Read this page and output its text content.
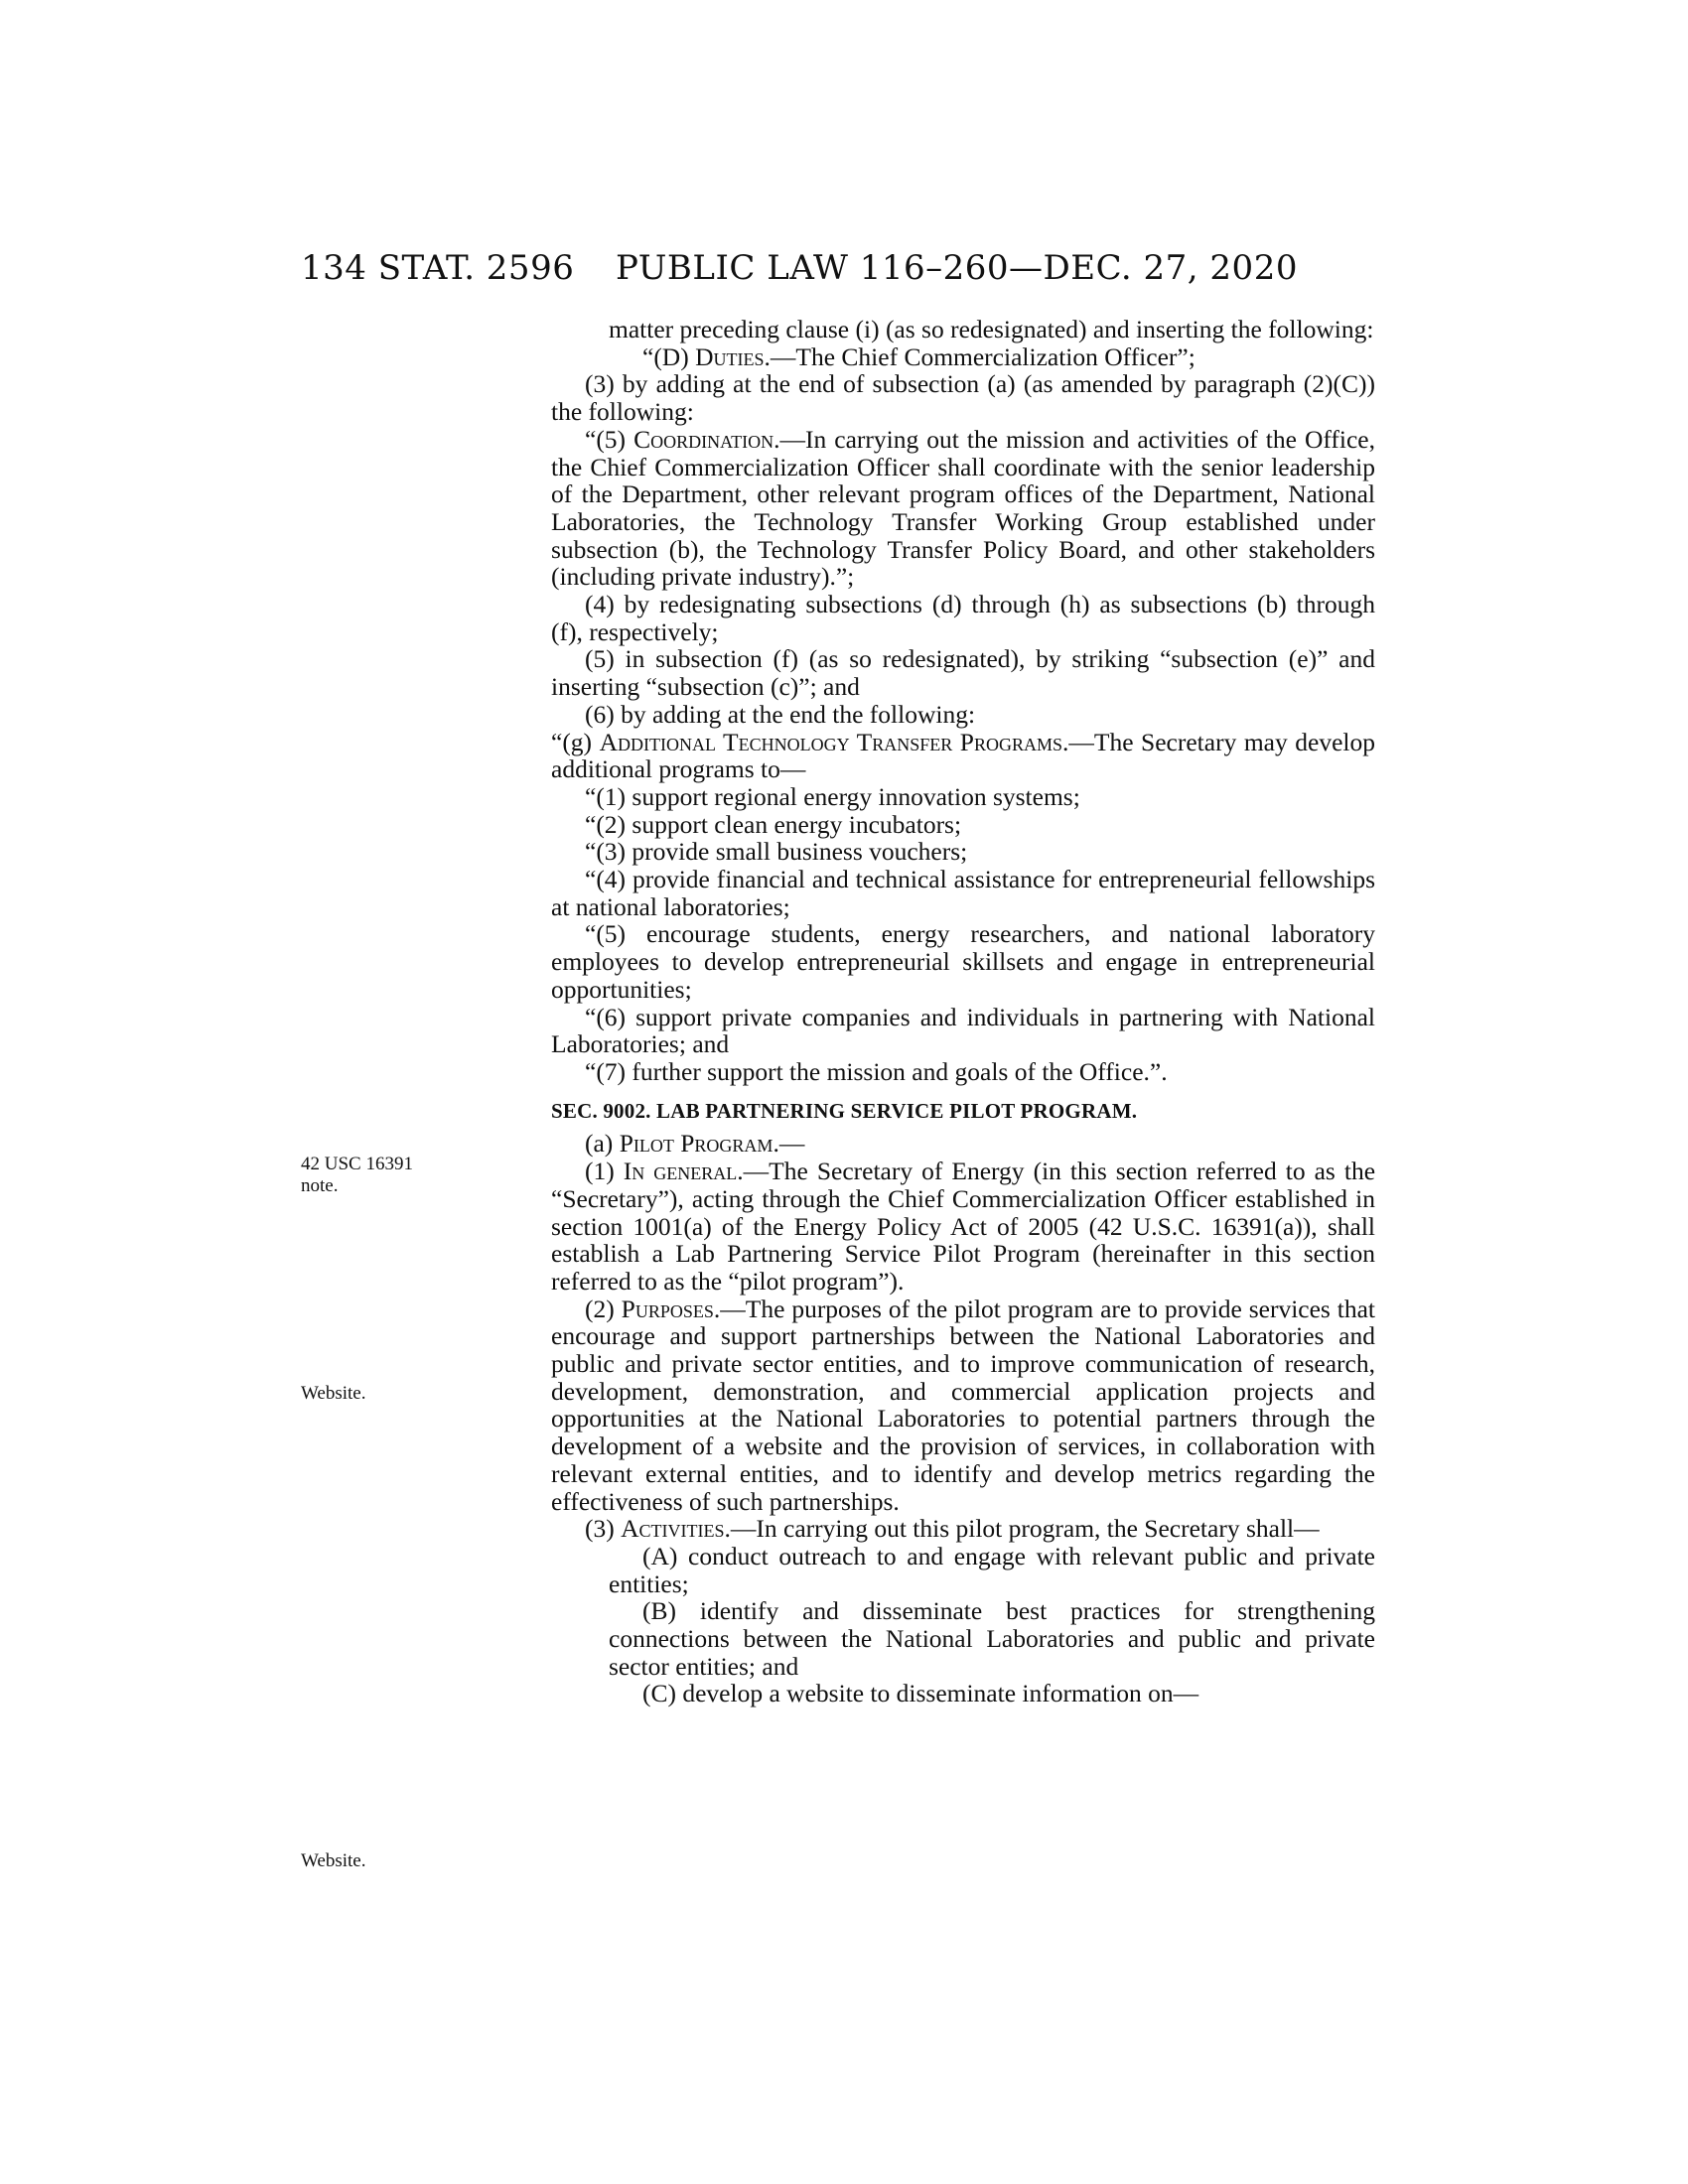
134 STAT. 2596 PUBLIC LAW 116–260—DEC. 27, 2020
42 USC 16391
note.
Website.
Website.

matter preceding clause (i) (as so redesignated) and inserting the following:

“(D) Duties.—The Chief Commercialization Officer”;

(3) by adding at the end of subsection (a) (as amended by paragraph (2)(C)) the following:

“(5) Coordination.—In carrying out the mission and activities of the Office, the Chief Commercialization Officer shall coordinate with the senior leadership of the Department, other relevant program offices of the Department, National Laboratories, the Technology Transfer Working Group established under subsection (b), the Technology Transfer Policy Board, and other stakeholders (including private industry).”;

(4) by redesignating subsections (d) through (h) as subsections (b) through (f), respectively;

(5) in subsection (f) (as so redesignated), by striking “subsection (e)” and inserting “subsection (c)”; and

(6) by adding at the end the following:

“(g) Additional Technology Transfer Programs.—The Secretary may develop additional programs to—

“(1) support regional energy innovation systems;

“(2) support clean energy incubators;

“(3) provide small business vouchers;

“(4) provide financial and technical assistance for entrepreneurial fellowships at national laboratories;

“(5) encourage students, energy researchers, and national laboratory employees to develop entrepreneurial skillsets and engage in entrepreneurial opportunities;

“(6) support private companies and individuals in partnering with National Laboratories; and

“(7) further support the mission and goals of the Office.”.

SEC. 9002. LAB PARTNERING SERVICE PILOT PROGRAM.

(a) Pilot Program.—

(1) In general.—The Secretary of Energy (in this section referred to as the “Secretary”), acting through the Chief Commercialization Officer established in section 1001(a) of the Energy Policy Act of 2005 (42 U.S.C. 16391(a)), shall establish a Lab Partnering Service Pilot Program (hereinafter in this section referred to as the “pilot program”).

(2) Purposes.—The purposes of the pilot program are to provide services that encourage and support partnerships between the National Laboratories and public and private sector entities, and to improve communication of research, development, demonstration, and commercial application projects and opportunities at the National Laboratories to potential partners through the development of a website and the provision of services, in collaboration with relevant external entities, and to identify and develop metrics regarding the effectiveness of such partnerships.

(3) Activities.—In carrying out this pilot program, the Secretary shall—

(A) conduct outreach to and engage with relevant public and private entities;

(B) identify and disseminate best practices for strengthening connections between the National Laboratories and public and private sector entities; and

(C) develop a website to disseminate information on—
